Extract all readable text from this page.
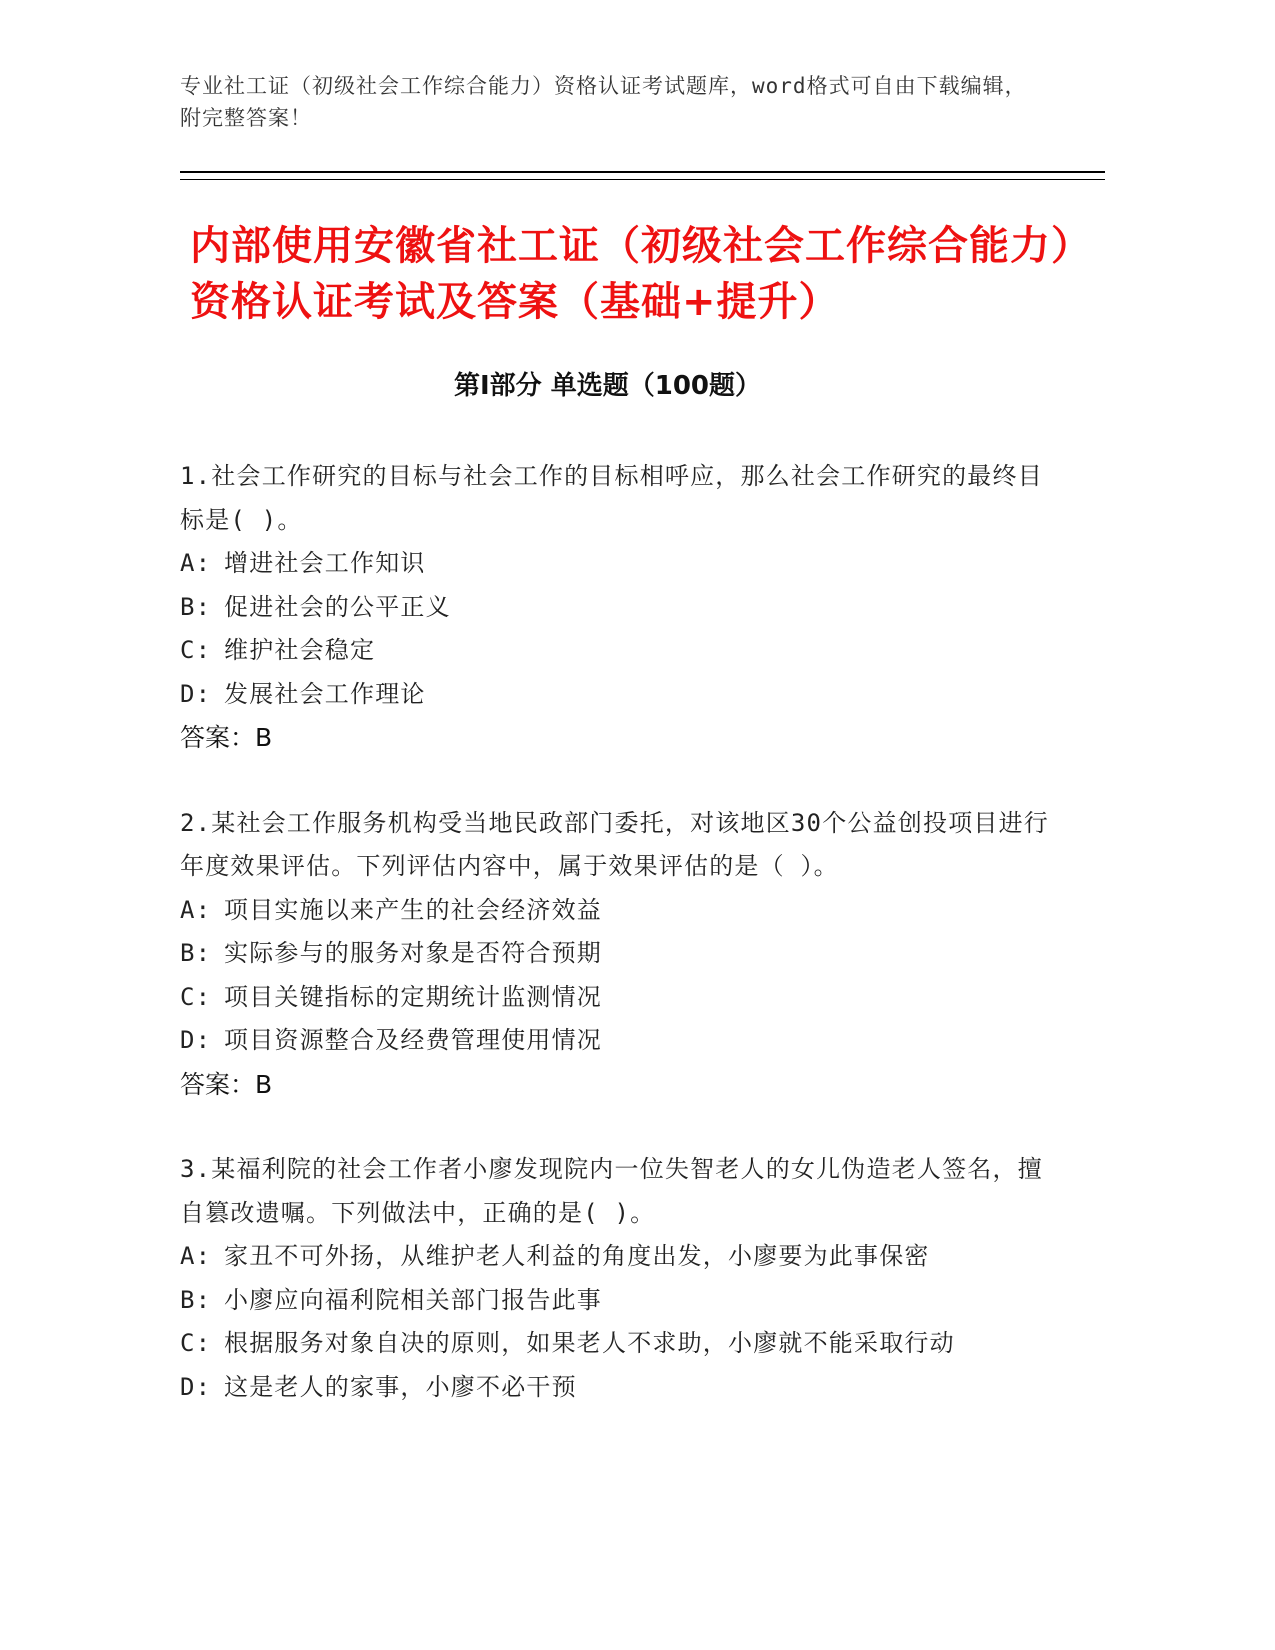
专业社工证（初级社会工作综合能力）资格认证考试题库，word格式可自由下载编辑，附完整答案！
内部使用安徽省社工证（初级社会工作综合能力）资格认证考试及答案（基础+提升）
第Ⅰ部分 单选题（100题）
1.社会工作研究的目标与社会工作的目标相呼应，那么社会工作研究的最终目标是( )。
A: 增进社会工作知识
B: 促进社会的公平正义
C: 维护社会稳定
D: 发展社会工作理论
答案：B
2.某社会工作服务机构受当地民政部门委托，对该地区30个公益创投项目进行年度效果评估。下列评估内容中，属于效果评估的是（ ）。
A: 项目实施以来产生的社会经济效益
B: 实际参与的服务对象是否符合预期
C: 项目关键指标的定期统计监测情况
D: 项目资源整合及经费管理使用情况
答案：B
3.某福利院的社会工作者小廖发现院内一位失智老人的女儿伪造老人签名，擅自篡改遗嘱。下列做法中，正确的是( )。
A: 家丑不可外扬，从维护老人利益的角度出发，小廖要为此事保密
B: 小廖应向福利院相关部门报告此事
C: 根据服务对象自决的原则，如果老人不求助，小廖就不能采取行动
D: 这是老人的家事，小廖不必干预
